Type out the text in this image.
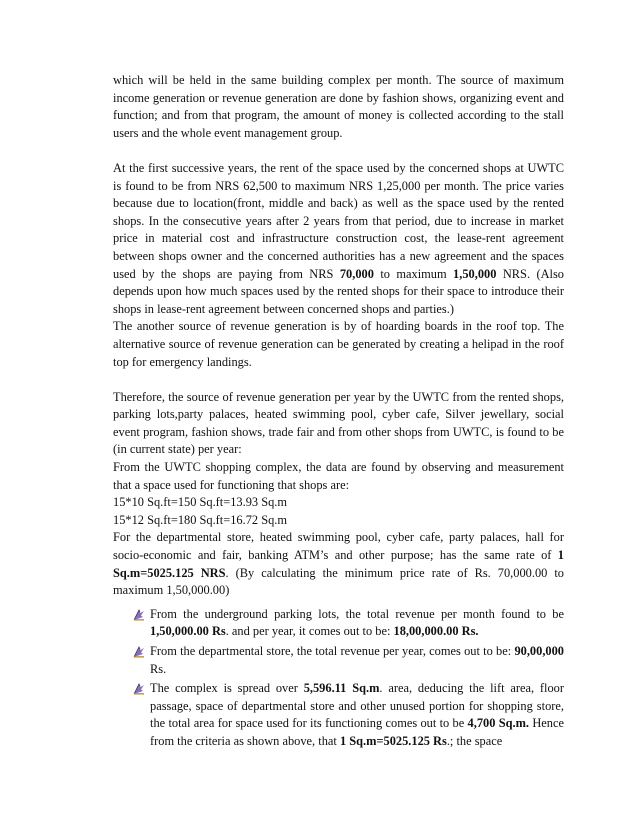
which will be held in the same building complex per month. The source of maximum income generation or revenue generation are done by fashion shows, organizing event and function; and from that program, the amount of money is collected according to the stall users and the whole event management group.

At the first successive years, the rent of the space used by the concerned shops at UWTC is found to be from NRS 62,500 to maximum NRS 1,25,000 per month. The price varies because due to location(front, middle and back) as well as the space used by the rented shops. In the consecutive years after 2 years from that period, due to increase in market price in material cost and infrastructure construction cost, the lease-rent agreement between shops owner and the concerned authorities has a new agreement and the spaces used by the shops are paying from NRS 70,000 to maximum 1,50,000 NRS. (Also depends upon how much spaces used by the rented shops for their space to introduce their shops in lease-rent agreement between concerned shops and parties.)

The another source of revenue generation is by of hoarding boards in the roof top. The alternative source of revenue generation can be generated by creating a helipad in the roof top for emergency landings.

Therefore, the source of revenue generation per year by the UWTC from the rented shops, parking lots,party palaces, heated swimming pool, cyber cafe, Silver jewellary, social event program, fashion shows, trade fair and from other shops from UWTC, is found to be (in current state) per year:

From the UWTC shopping complex, the data are found by observing and measurement that a space used for functioning that shops are:

15*10 Sq.ft=150 Sq.ft=13.93 Sq.m
15*12 Sq.ft=180 Sq.ft=16.72 Sq.m

For the departmental store, heated swimming pool, cyber cafe, party palaces, hall for socio-economic and fair, banking ATM’s and other purpose; has the same rate of 1 Sq.m=5025.125 NRS. (By calculating the minimum price rate of Rs. 70,000.00 to maximum 1,50,000.00)

From the underground parking lots, the total revenue per month found to be 1,50,000.00 Rs. and per year, it comes out to be: 18,00,000.00 Rs.
From the departmental store, the total revenue per year, comes out to be: 90,00,000 Rs.
The complex is spread over 5,596.11 Sq.m. area, deducing the lift area, floor passage, space of departmental store and other unused portion for shopping store, the total area for space used for its functioning comes out to be 4,700 Sq.m. Hence from the criteria as shown above, that 1 Sq.m=5025.125 Rs.; the space
